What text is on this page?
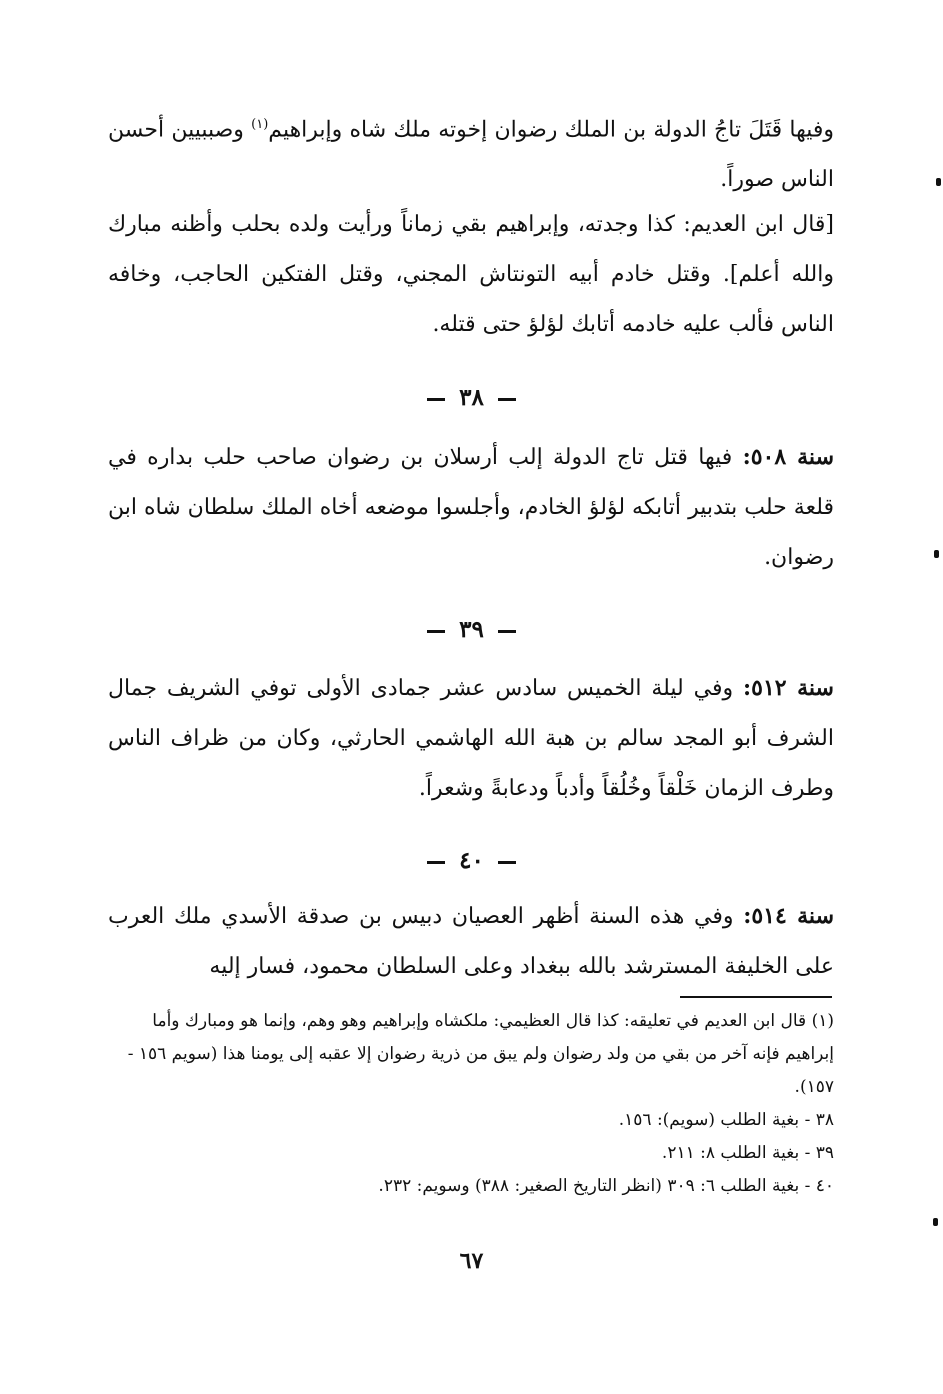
وفيها قَتَلَ تاجُ الدولة بن الملك رضوان إخوته ملك شاه وإبراهيم$^{(١)}$ وصببيين أحسن الناس صوراً.

[قال ابن العديم: كذا وجدته، وإبراهيم بقي زماناً ورأيت ولده بحلب وأظنه مبارك والله أعلم]. وقتل خادم أبيه التونتاش المجني، وقتل الفتكين الحاجب، وخافه الناس فألب عليه خادمه أتابك لؤلؤ حتى قتله.

٣٨

سنة ٥٠٨: فيها قتل تاج الدولة إلب أرسلان بن رضوان صاحب حلب بداره في قلعة حلب بتدبير أتابكه لؤلؤ الخادم، وأجلسوا موضعه أخاه الملك سلطان شاه ابن رضوان.

٣٩

سنة ٥١٢: وفي ليلة الخميس سادس عشر جمادى الأولى توفي الشريف جمال الشرف أبو المجد سالم بن هبة الله الهاشمي الحارثي، وكان من ظراف الناس وطرف الزمان خَلْقاً وخُلُقاً وأدباً ودعابةً وشعراً.

٤٠

سنة ٥١٤: وفي هذه السنة أظهر العصيان دبيس بن صدقة الأسدي ملك العرب على الخليفة المسترشد بالله ببغداد وعلى السلطان محمود، فسار إليه

(١) قال ابن العديم في تعليقه: كذا قال العظيمي: ملكشاه وإبراهيم وهو وهم، وإنما هو ومبارك وأما إبراهيم فإنه آخر من بقي من ولد رضوان ولم يبق من ذرية رضوان إلا عقبه إلى يومنا هذا (سويم ١٥٦ - ١٥٧).
٣٨ - بغية الطلب (سويم): ١٥٦.
٣٩ - بغية الطلب ٨: ٢١١.
٤٠ - بغية الطلب ٦: ٣٠٩ (انظر التاريخ الصغير: ٣٨٨) وسويم: ٢٣٢.
٦٧
